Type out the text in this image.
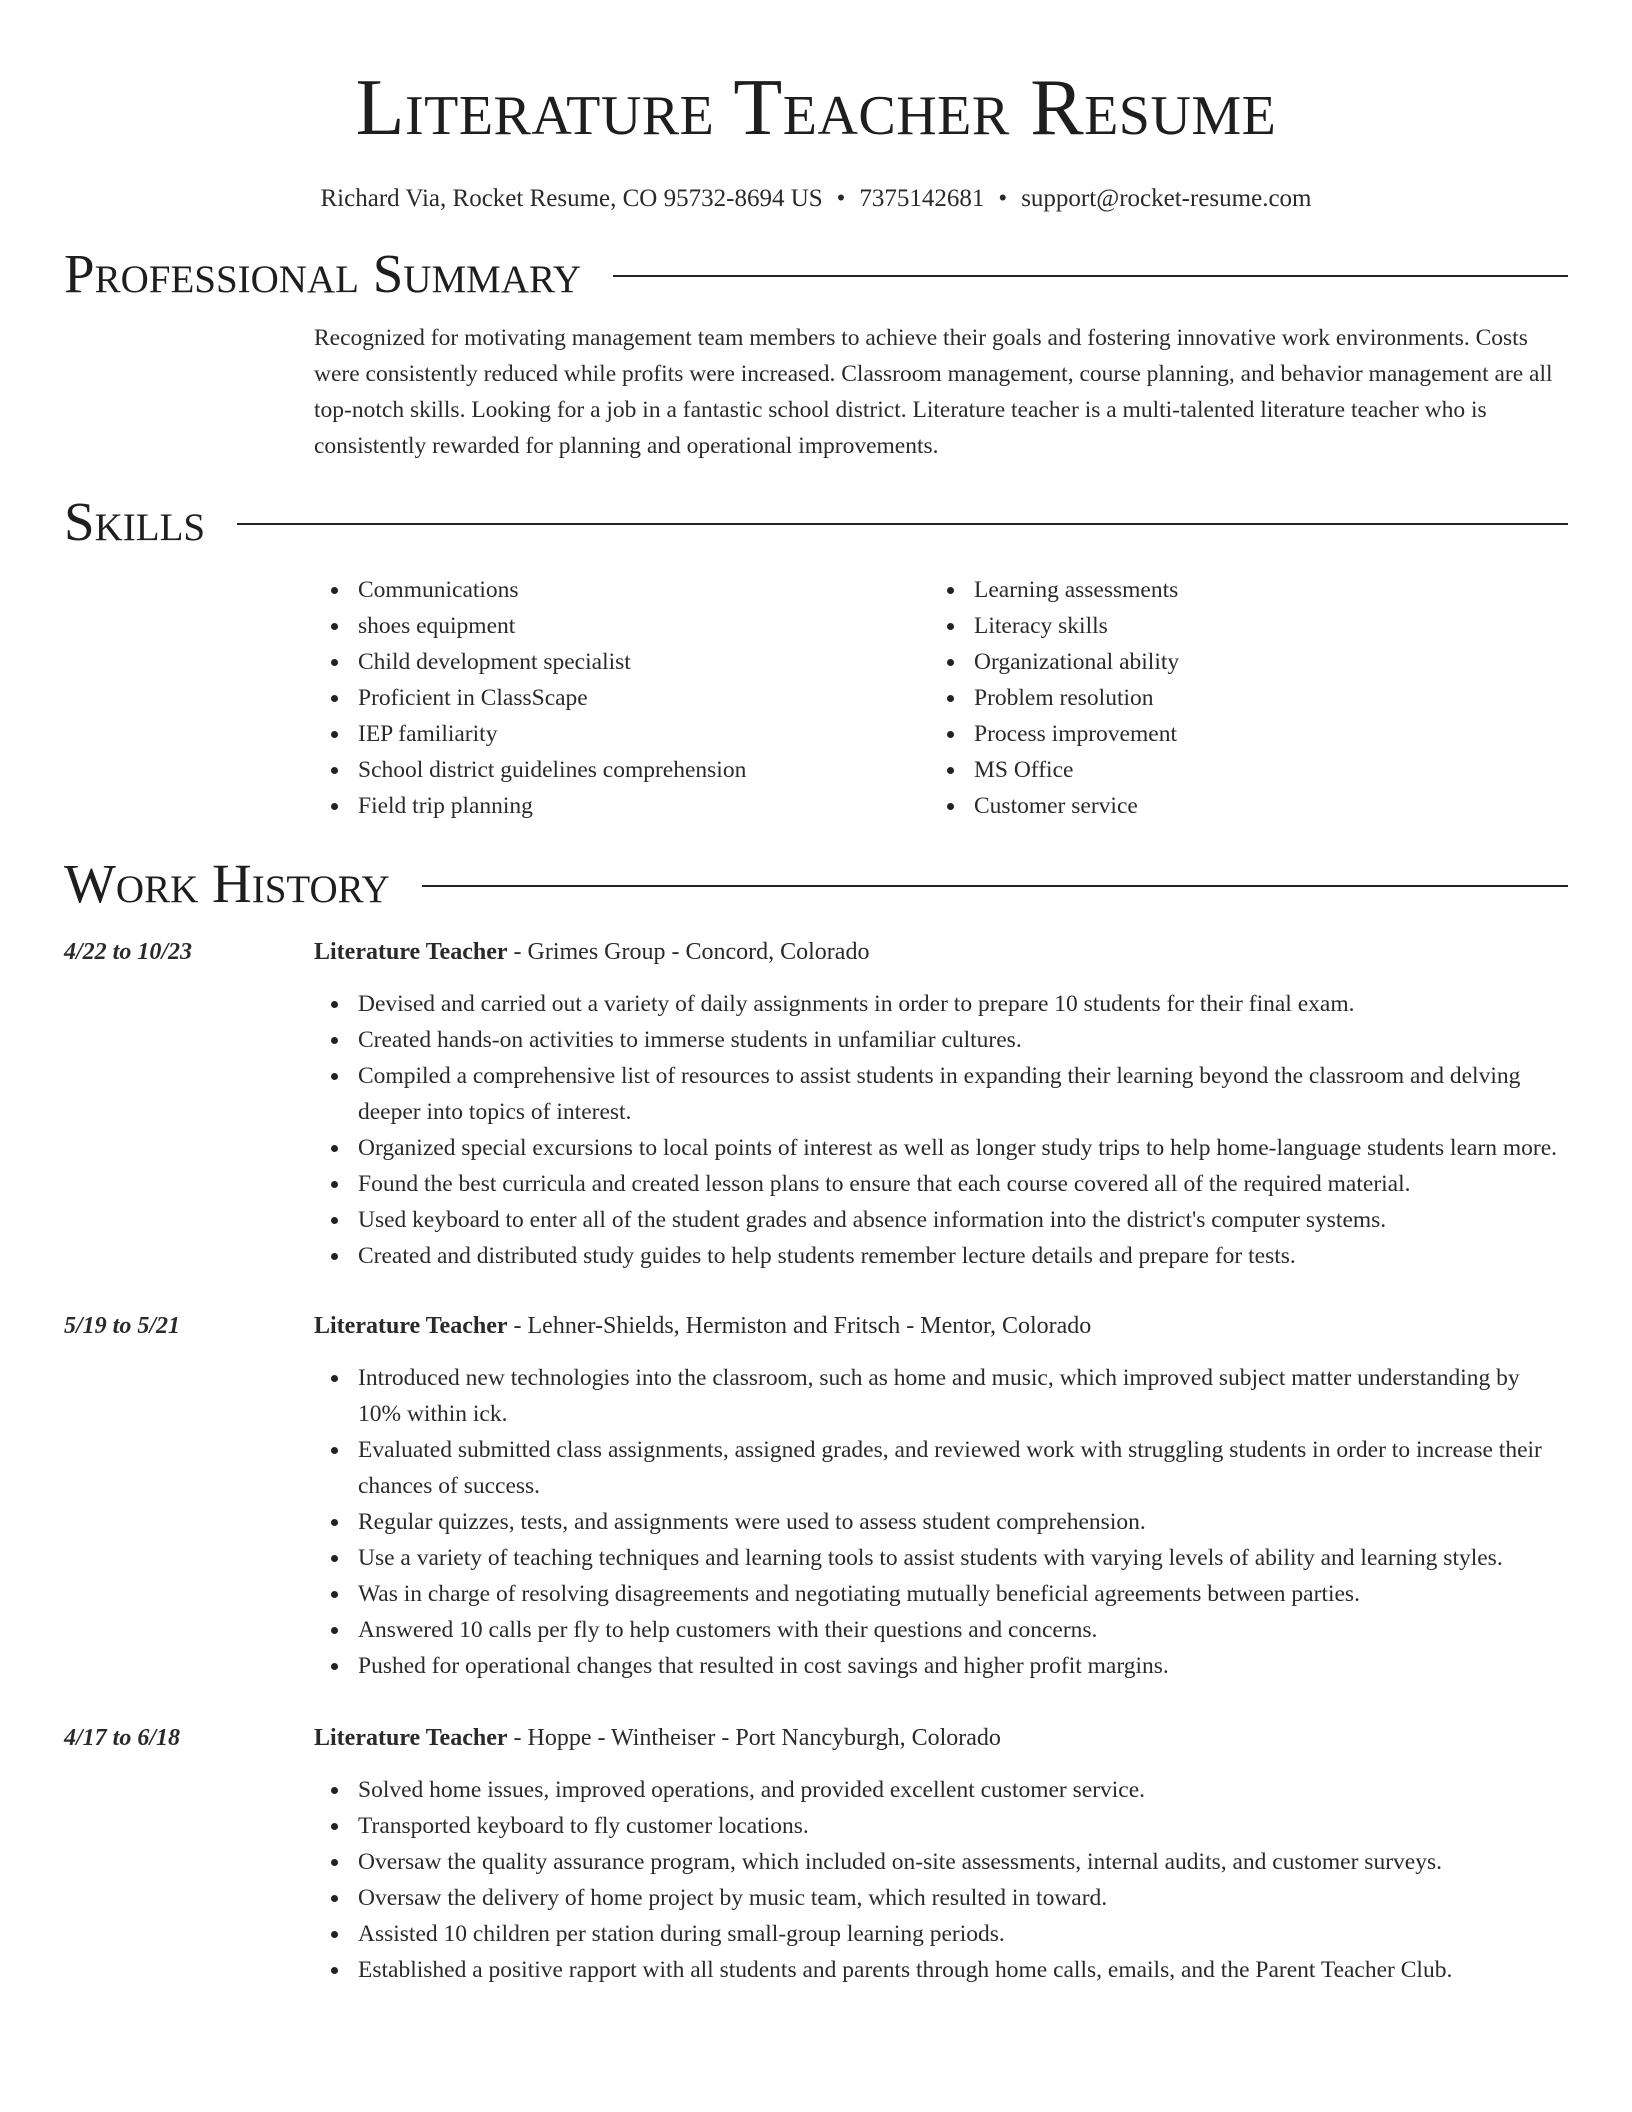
Literature Teacher Resume
Richard Via, Rocket Resume, CO 95732-8694 US • 7375142681 • support@rocket-resume.com
Professional Summary

Recognized for motivating management team members to achieve their goals and fostering innovative work environments. Costs were consistently reduced while profits were increased. Classroom management, course planning, and behavior management are all top-notch skills. Looking for a job in a fantastic school district. Literature teacher is a multi-talented literature teacher who is consistently rewarded for planning and operational improvements.

Skills
Communications
shoes equipment
Child development specialist
Proficient in ClassScape
IEP familiarity
School district guidelines comprehension
Field trip planning
Learning assessments
Literacy skills
Organizational ability
Problem resolution
Process improvement
MS Office
Customer service
Work History
4/22 to 10/23	Literature Teacher - Grimes Group - Concord, Colorado
Devised and carried out a variety of daily assignments in order to prepare 10 students for their final exam.
Created hands-on activities to immerse students in unfamiliar cultures.
Compiled a comprehensive list of resources to assist students in expanding their learning beyond the classroom and delving deeper into topics of interest.
Organized special excursions to local points of interest as well as longer study trips to help home-language students learn more.
Found the best curricula and created lesson plans to ensure that each course covered all of the required material.
Used keyboard to enter all of the student grades and absence information into the district's computer systems.
Created and distributed study guides to help students remember lecture details and prepare for tests.
5/19 to 5/21	Literature Teacher - Lehner-Shields, Hermiston and Fritsch - Mentor, Colorado
Introduced new technologies into the classroom, such as home and music, which improved subject matter understanding by 10% within ick.
Evaluated submitted class assignments, assigned grades, and reviewed work with struggling students in order to increase their chances of success.
Regular quizzes, tests, and assignments were used to assess student comprehension.
Use a variety of teaching techniques and learning tools to assist students with varying levels of ability and learning styles.
Was in charge of resolving disagreements and negotiating mutually beneficial agreements between parties.
Answered 10 calls per fly to help customers with their questions and concerns.
Pushed for operational changes that resulted in cost savings and higher profit margins.
4/17 to 6/18	Literature Teacher - Hoppe - Wintheiser - Port Nancyburgh, Colorado
Solved home issues, improved operations, and provided excellent customer service.
Transported keyboard to fly customer locations.
Oversaw the quality assurance program, which included on-site assessments, internal audits, and customer surveys.
Oversaw the delivery of home project by music team, which resulted in toward.
Assisted 10 children per station during small-group learning periods.
Established a positive rapport with all students and parents through home calls, emails, and the Parent Teacher Club.
